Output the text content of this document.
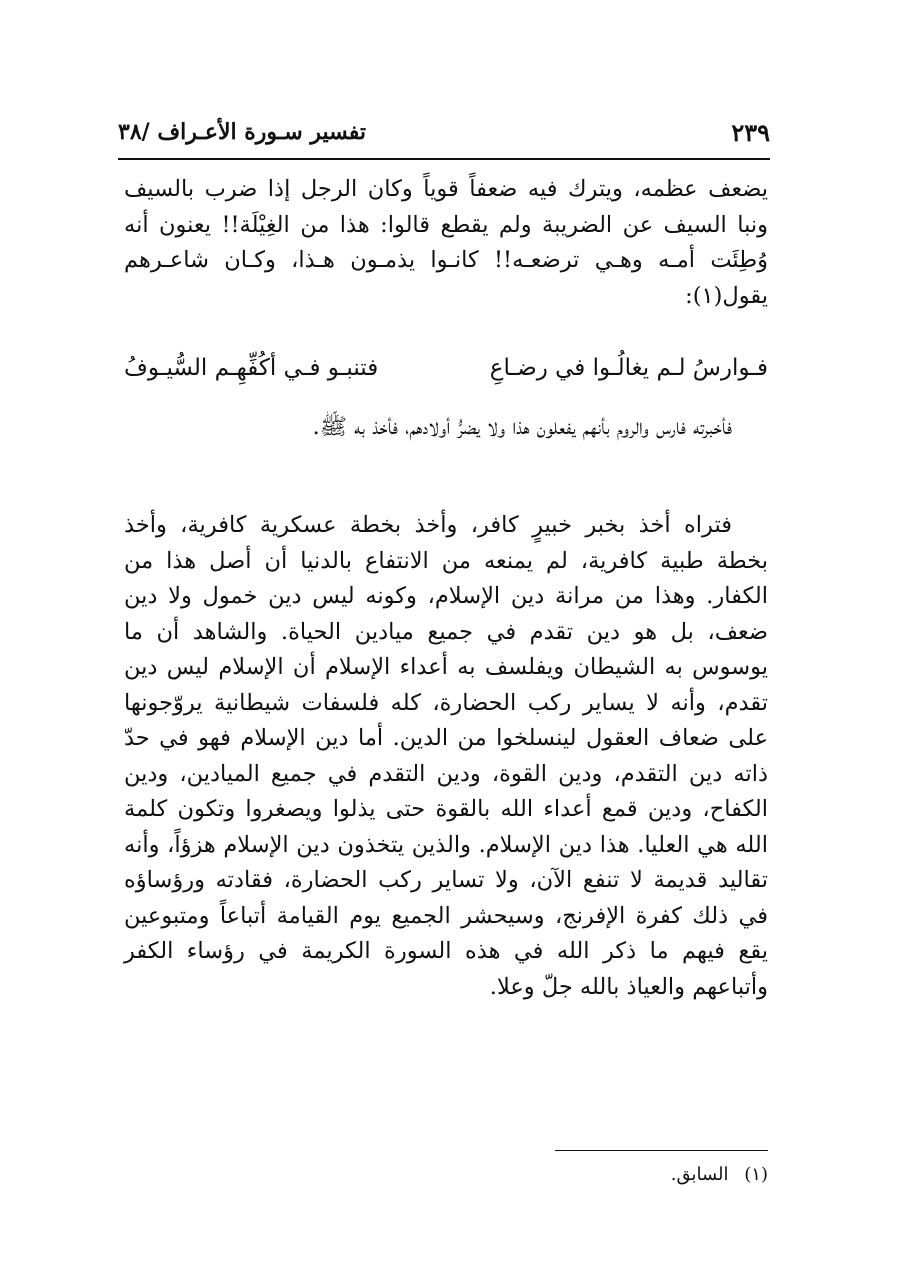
تفسير سـورة الأعـراف /٣٨	٢٣٩

يضعف عظمه، ويترك فيه ضعفاً قوياً وكان الرجل إذا ضرب بالسيف ونبا السيف عن الضريبة ولم يقطع قالوا: هذا من الغِيْلَة!! يعنون أنه وُطِئَت أمـه وهـي ترضعـه!! كانـوا يذمـون هـذا، وكـان شاعـرهم يقول(١):

فـوارسُ لـم يغالُـوا في رضـاعِ
فتنبـو فـي أكُفِّهِـم السُّيـوفُ

فأخبرته فارس والروم بأنهم يفعلون هذا ولا يضرُّ أولادهم، فأخذ به ﷺ.

فتراه أخذ بخبر خبيرٍ كافر، وأخذ بخطة عسكرية كافرية، وأخذ بخطة طبية كافرية، لم يمنعه من الانتفاع بالدنيا أن أصل هذا من الكفار. وهذا من مرانة دين الإسلام، وكونه ليس دين خمول ولا دين ضعف، بل هو دين تقدم في جميع ميادين الحياة. والشاهد أن ما يوسوس به الشيطان ويفلسف به أعداء الإسلام أن الإسلام ليس دين تقدم، وأنه لا يساير ركب الحضارة، كله فلسفات شيطانية يروّجونها على ضعاف العقول لينسلخوا من الدين. أما دين الإسلام فهو في حدّ ذاته دين التقدم، ودين القوة، ودين التقدم في جميع الميادين، ودين الكفاح، ودين قمع أعداء الله بالقوة حتى يذلوا ويصغروا وتكون كلمة الله هي العليا. هذا دين الإسلام. والذين يتخذون دين الإسلام هزؤاً، وأنه تقاليد قديمة لا تنفع الآن، ولا تساير ركب الحضارة، فقادته ورؤساؤه في ذلك كفرة الإفرنج، وسيحشر الجميع يوم القيامة أتباعاً ومتبوعين يقع فيهم ما ذكر الله في هذه السورة الكريمة في رؤساء الكفر وأتباعهم والعياذ بالله جلّ وعلا.

(١) السابق.
